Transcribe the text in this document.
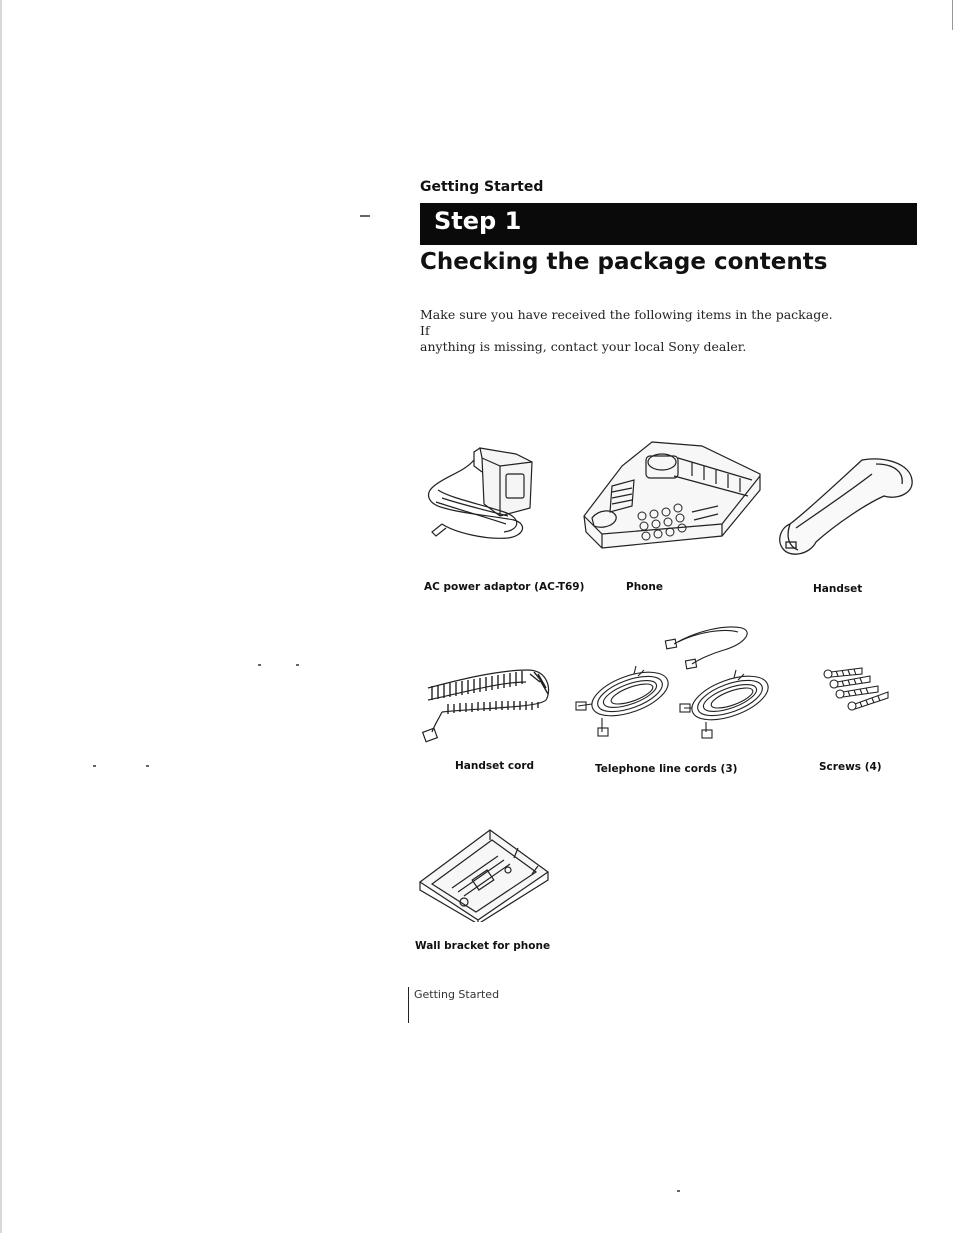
Getting Started
Step 1
Checking the package contents

Make sure you have received the following items in the package. If

anything is missing, contact your local Sony dealer.

AC power adaptor (AC-T69)	Phone	Handset
Handset cord	Telephone line cords (3)	Screws (4)
Wall bracket for phone
Getting Started
